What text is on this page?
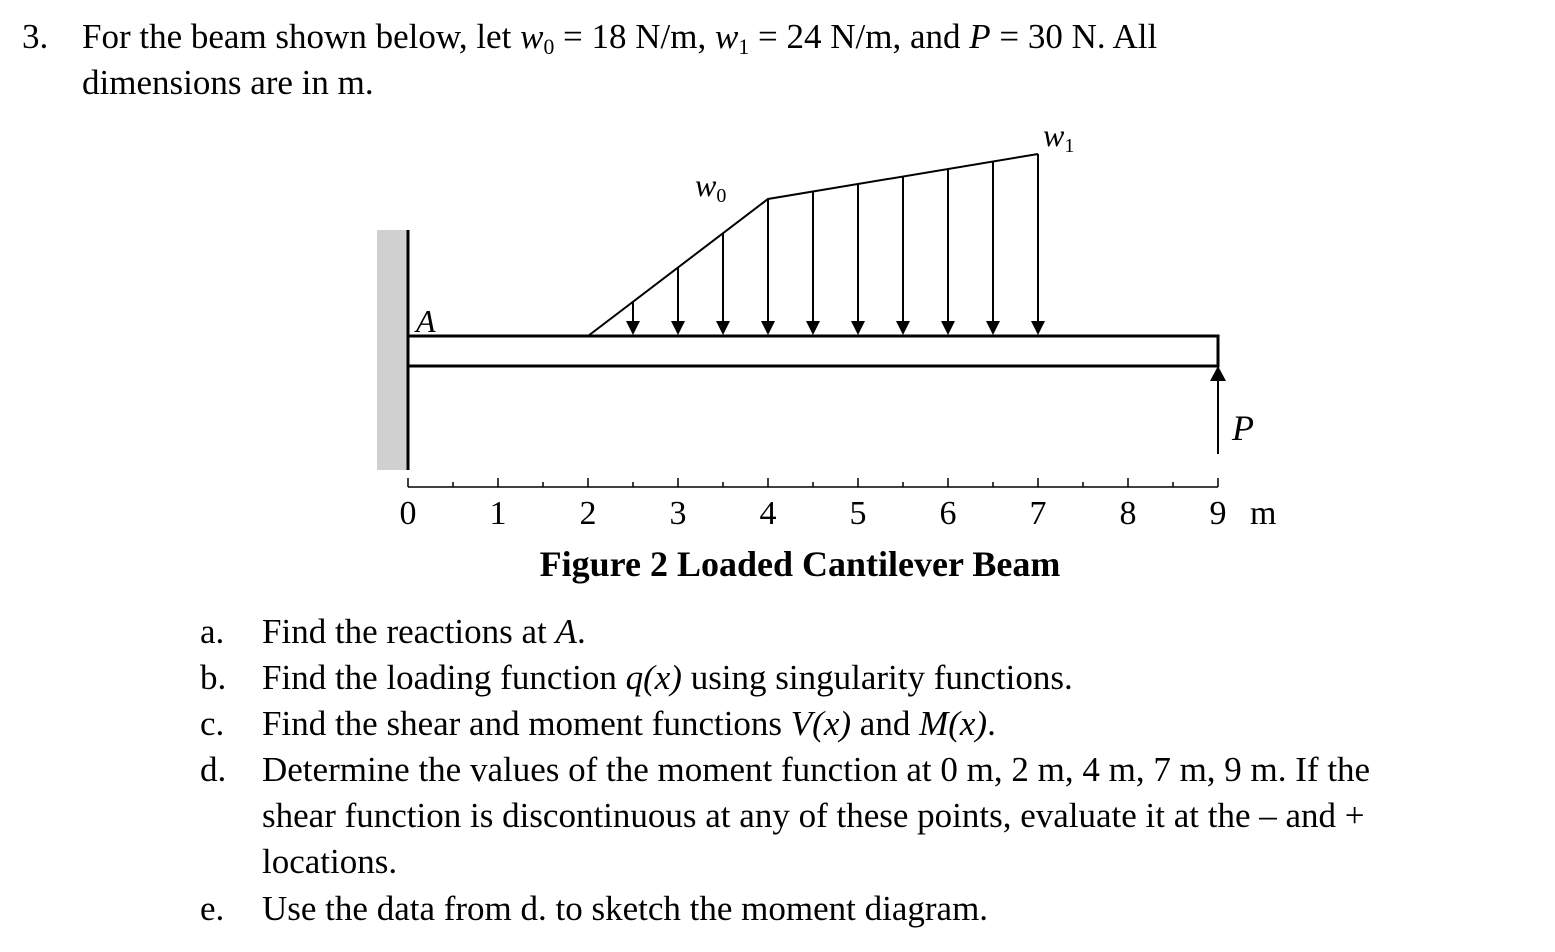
3. For the beam shown below, let $w_0 = 18$ N/m, $w_1 = 24$ N/m, and P = 30 N. All
dimensions are in m.
A
w0
w1
P
0 1 2 3 4 5 6 7 8 9 m
Figure 2 Loaded Cantilever Beam
a. Find the reactions at A.
b. Find the loading function q(x) using singularity functions.
c. Find the shear and moment functions V(x) and M(x).
d. Determine the values of the moment function at 0 m, 2 m, 4 m, 7 m, 9 m. If the
shear function is discontinuous at any of these points, evaluate it at the – and +
locations.
e. Use the data from d. to sketch the moment diagram.
